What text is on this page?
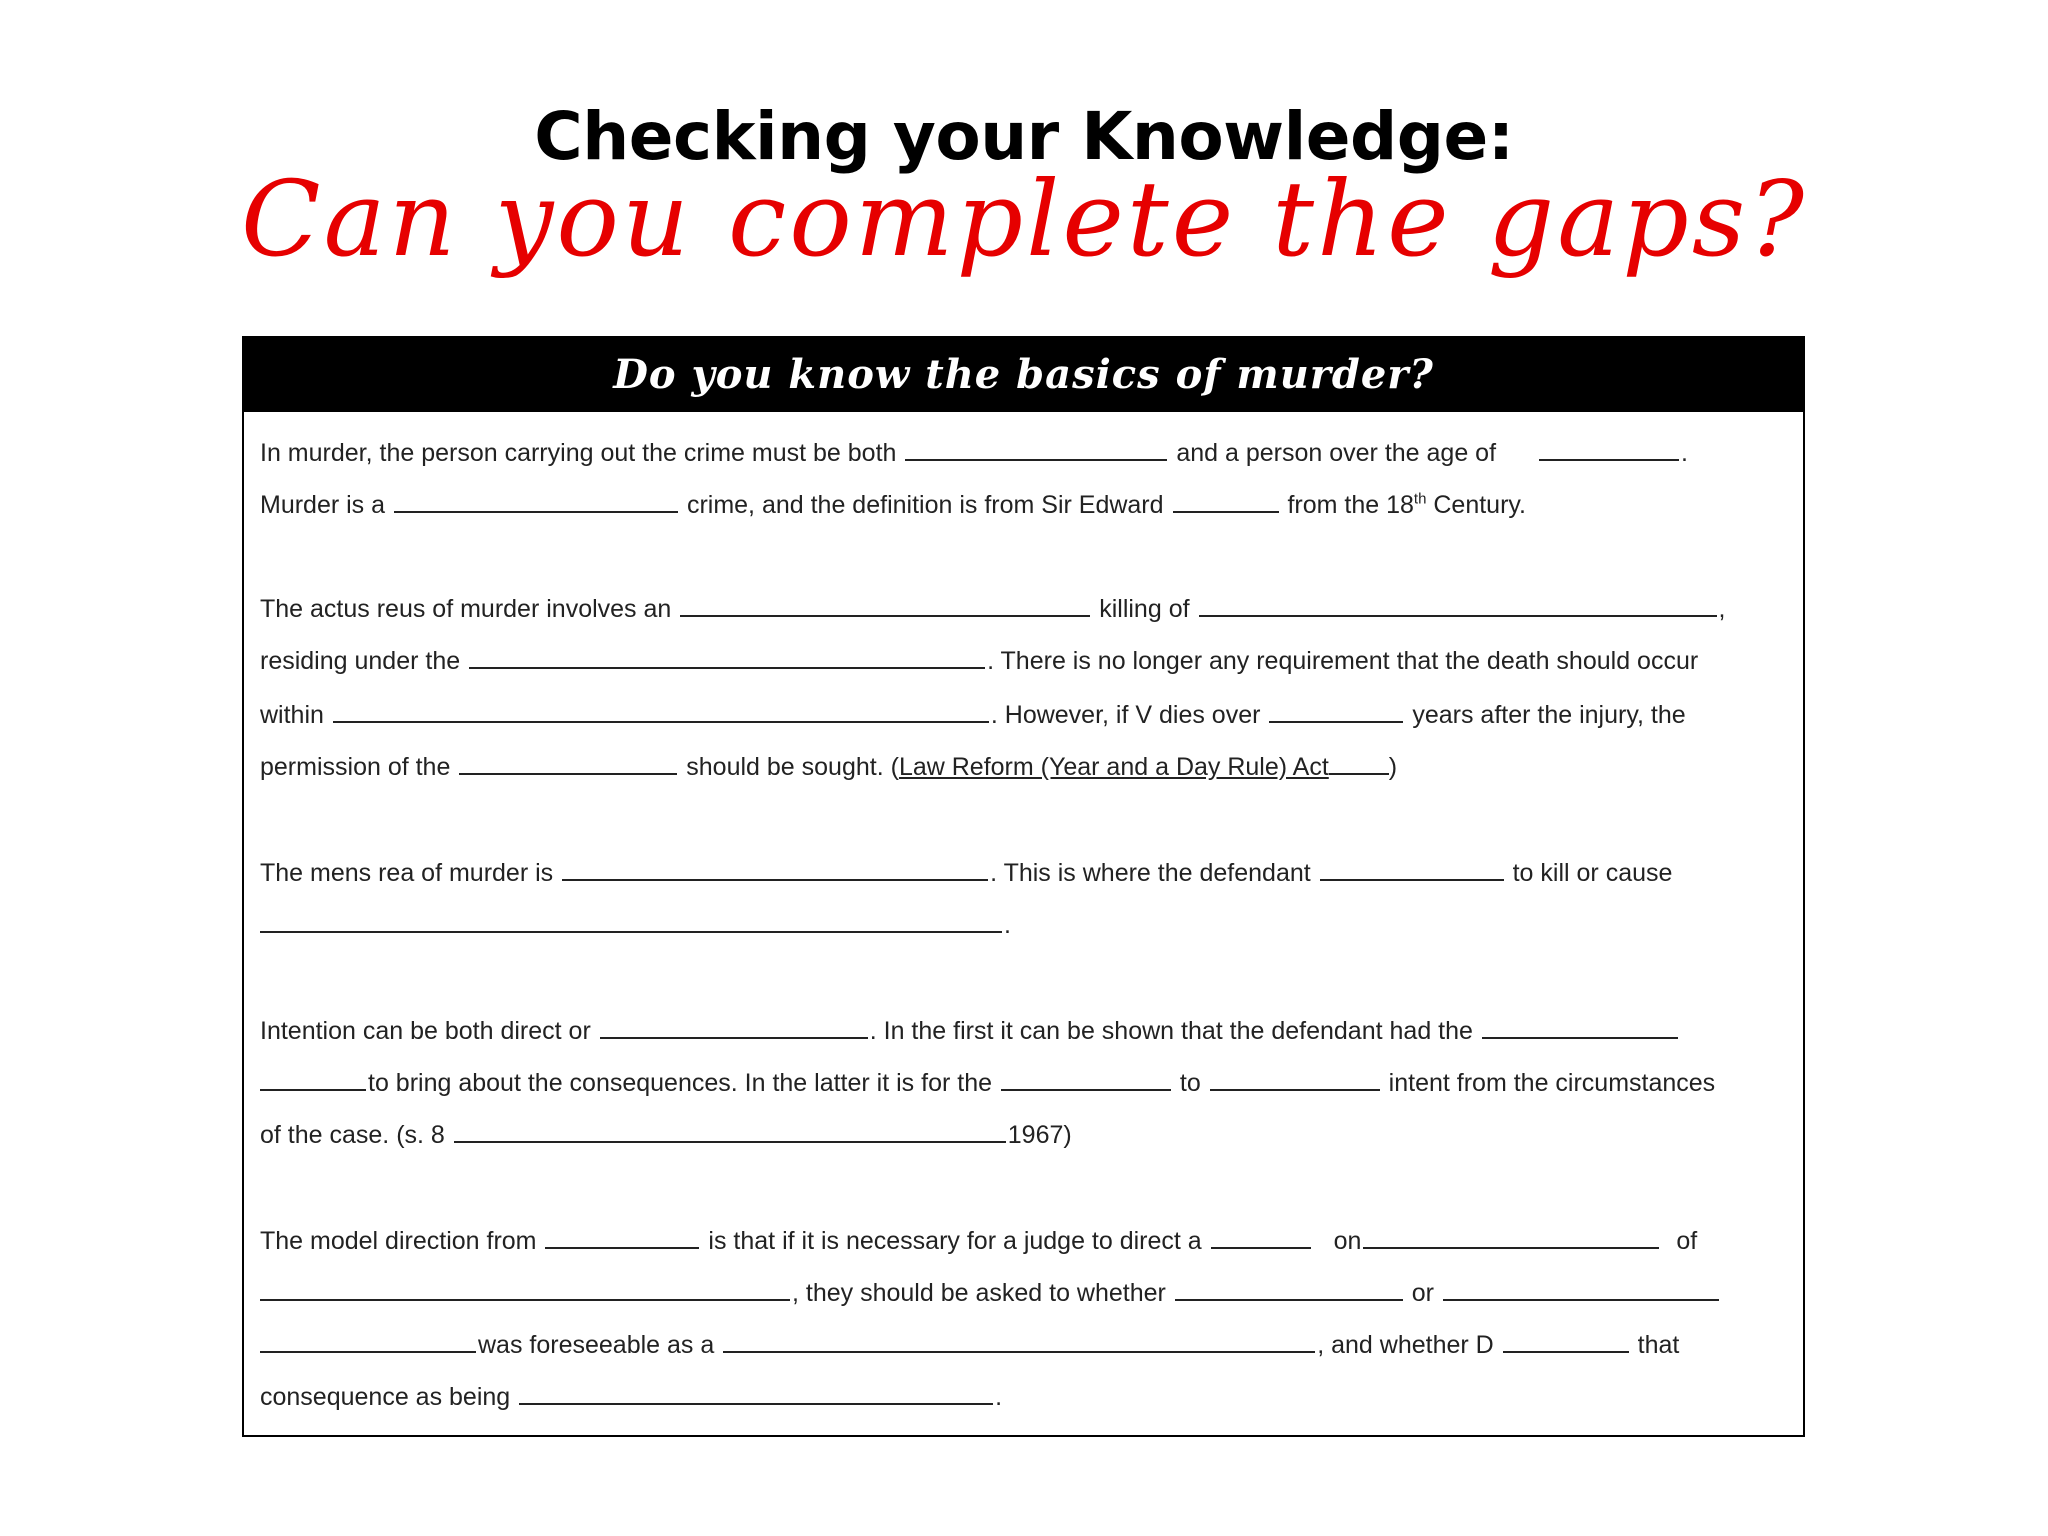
Checking your Knowledge:
Can you complete the gaps?
Do you know the basics of murder?
In murder, the person carrying out the crime must be both	and a person over the age of	.
Murder is a	crime, and the definition is from Sir Edward	from the 18th Century.
The actus reus of murder involves an	killing of	,
residing under the	. There is no longer any requirement that the death should occur
within	. However, if V dies over	years after the injury, the
permission of the	should be sought. (Law Reform (Year and a Day Rule) Act )
The mens rea of murder is	. This is where the defendant	to kill or cause
.
Intention can be both direct or	. In the first it can be shown that the defendant had the
to bring about the consequences. In the latter it is for the	to	intent from the circumstances
of the case. (s. 8	1967)
The model direction from	is that if it is necessary for a judge to direct a	on	of
, they should be asked to whether	or
was foreseeable as a	, and whether D	that
consequence as being	.
